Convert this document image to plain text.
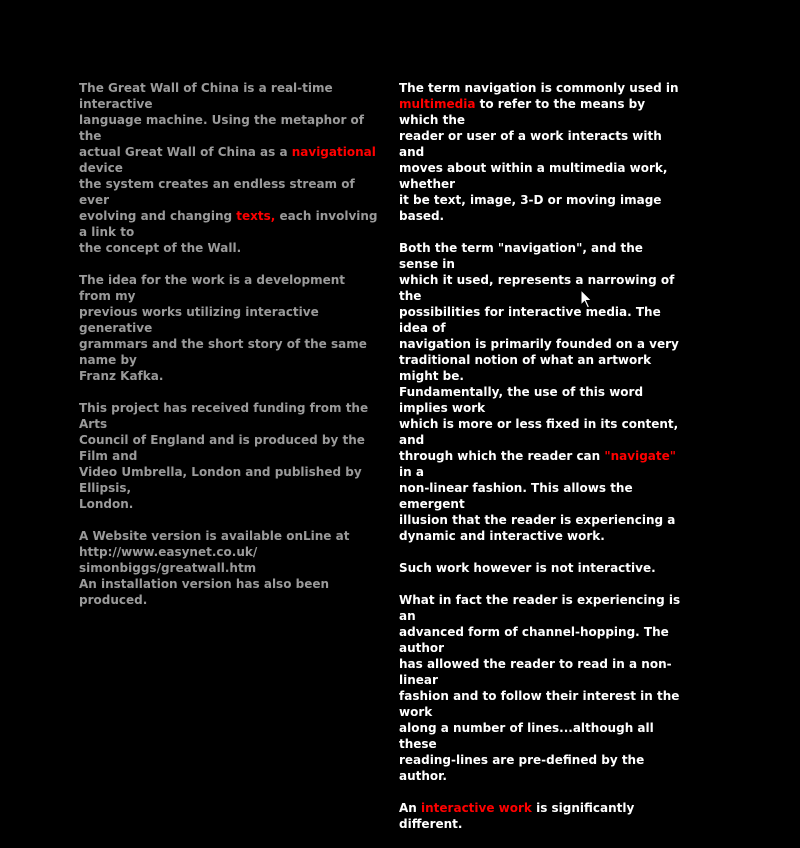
The Great Wall of China is a real-time interactive
language machine. Using the metaphor of the
actual Great Wall of China as a navigational device
the system creates an endless stream of ever
evolving and changing texts, each involving a link to
the concept of the Wall.
The idea for the work is a development from my
previous works utilizing interactive generative
grammars and the short story of the same name by
Franz Kafka.
This project has received funding from the Arts
Council of England and is produced by the Film and
Video Umbrella, London and published by Ellipsis,
London.
A Website version is available onLine at
http://www.easynet.co.uk/
simonbiggs/greatwall.htm
An installation version has also been produced.
The term navigation is commonly used in
multimedia to refer to the means by which the
reader or user of a work interacts with and
moves about within a multimedia work, whether
it be text, image, 3-D or moving image based.
Both the term "navigation", and the sense in
which it used, represents a narrowing of the
possibilities for interactive media. The idea of
navigation is primarily founded on a very
traditional notion of what an artwork might be.
Fundamentally, the use of this word implies work
which is more or less fixed in its content, and
through which the reader can "navigate" in a
non-linear fashion. This allows the emergent
illusion that the reader is experiencing a
dynamic and interactive work.
Such work however is not interactive.
What in fact the reader is experiencing is an
advanced form of channel-hopping. The author
has allowed the reader to read in a non-linear
fashion and to follow their interest in the work
along a number of lines...although all these
reading-lines are pre-defined by the author.
An interactive work is significantly different.
